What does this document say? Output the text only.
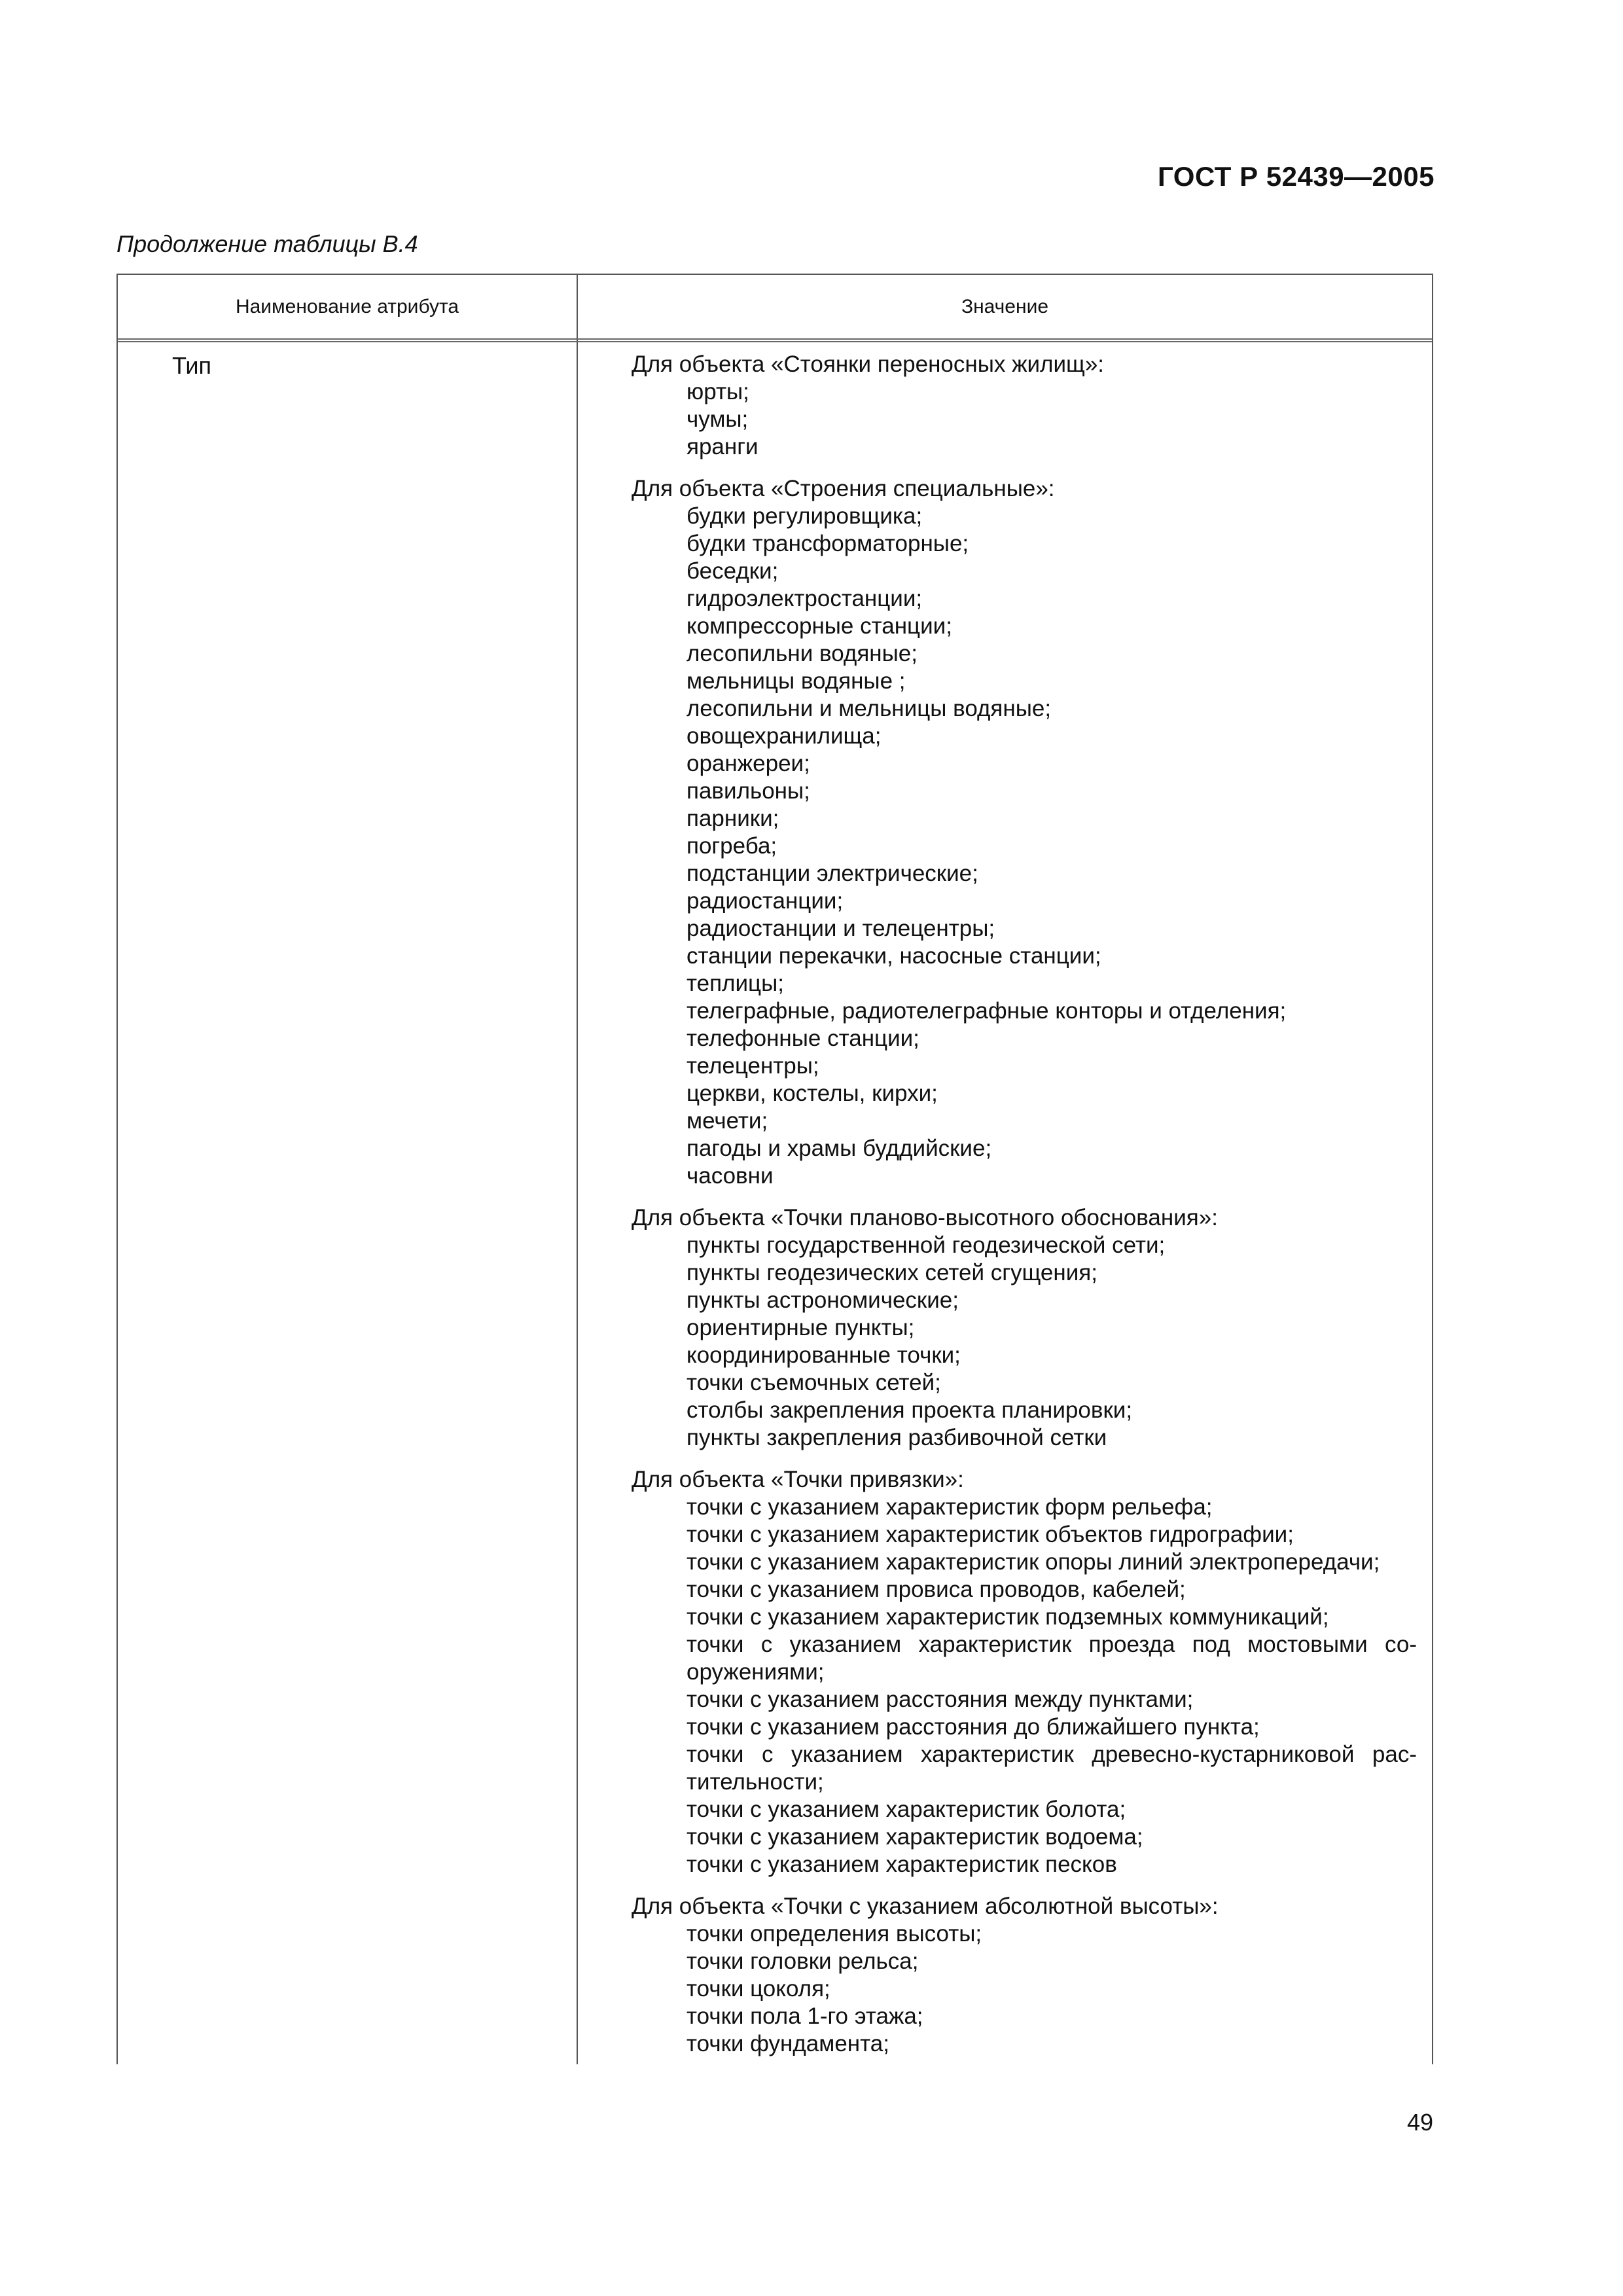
ГОСТ Р 52439—2005
Продолжение таблицы В.4
Наименование атрибута	Значение
Тип	Для объекта «Стоянки переносных жилищ»:
юрты;
чумы;
яранги
Для объекта «Строения специальные»:
будки регулировщика;
будки трансформаторные;
беседки;
гидроэлектростанции;
компрессорные станции;
лесопильни водяные;
мельницы водяные ;
лесопильни и мельницы водяные;
овощехранилища;
оранжереи;
павильоны;
парники;
погреба;
подстанции электрические;
радиостанции;
радиостанции и телецентры;
станции перекачки, насосные станции;
теплицы;
телеграфные, радиотелеграфные конторы и отделения;
телефонные станции;
телецентры;
церкви, костелы, кирхи;
мечети;
пагоды и храмы буддийские;
часовни
Для объекта «Точки планово-высотного обоснования»:
пункты государственной геодезической сети;
пункты геодезических сетей сгущения;
пункты астрономические;
ориентирные пункты;
координированные точки;
точки съемочных сетей;
столбы закрепления проекта планировки;
пункты закрепления разбивочной сетки
Для объекта «Точки привязки»:
точки с указанием характеристик форм рельефа;
точки с указанием характеристик объектов гидрографии;
точки с указанием характеристик опоры линий электропередачи;
точки с указанием провиса проводов, кабелей;
точки с указанием характеристик подземных коммуникаций;
точки с указанием характеристик проезда под мостовыми сооружениями;
точки с указанием расстояния между пунктами;
точки с указанием расстояния до ближайшего пункта;
точки с указанием характеристик древесно-кустарниковой растительности;
точки с указанием характеристик болота;
точки с указанием характеристик водоема;
точки с указанием характеристик песков
Для объекта «Точки с указанием абсолютной высоты»:
точки определения высоты;
точки головки рельса;
точки цоколя;
точки пола 1-го этажа;
точки фундамента;
49
